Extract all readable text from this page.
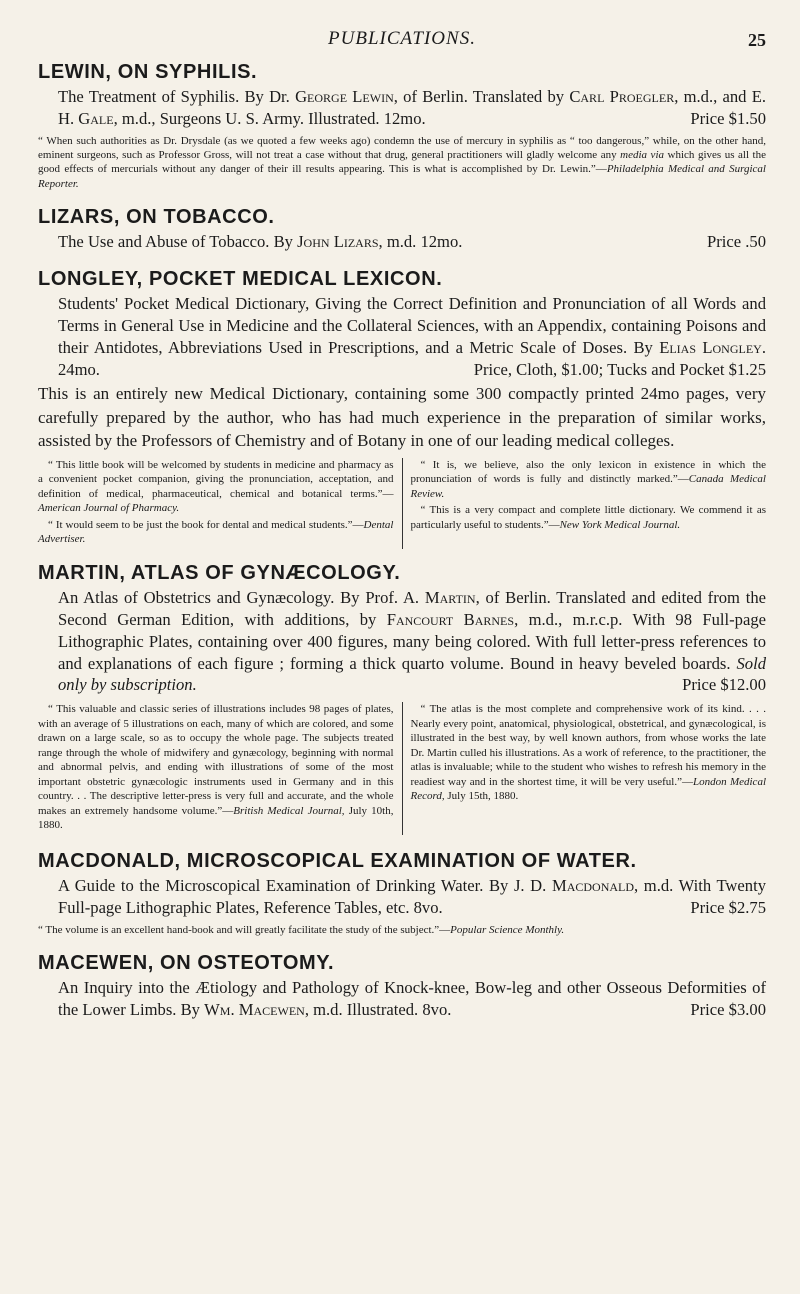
PUBLICATIONS.	25
LEWIN, ON SYPHILIS.

The Treatment of Syphilis. By Dr. George Lewin, of Berlin. Translated by Carl Proegler, m.d., and E. H. Gale, m.d., Surgeons U. S. Army. Illustrated. 12mo.	Price $1.50

“ When such authorities as Dr. Drysdale (as we quoted a few weeks ago) condemn the use of mercury in syphilis as “ too dangerous,” while, on the other hand, eminent surgeons, such as Professor Gross, will not treat a case without that drug, general practitioners will gladly welcome any media via which gives us all the good effects of mercurials without any danger of their ill results appearing. This is what is accomplished by Dr. Lewin.”—Philadelphia Medical and Surgical Reporter.

LIZARS, ON TOBACCO.

The Use and Abuse of Tobacco. By John Lizars, m.d. 12mo.	Price .50

LONGLEY, POCKET MEDICAL LEXICON.

Students' Pocket Medical Dictionary, Giving the Correct Definition and Pronunciation of all Words and Terms in General Use in Medicine and the Collateral Sciences, with an Appendix, containing Poisons and their Antidotes, Abbreviations Used in Prescriptions, and a Metric Scale of Doses. By Elias Longley. 24mo.	Price, Cloth, $1.00; Tucks and Pocket $1.25

This is an entirely new Medical Dictionary, containing some 300 compactly printed 24mo pages, very carefully prepared by the author, who has had much experience in the preparation of similar works, assisted by the Professors of Chemistry and of Botany in one of our leading medical colleges.

“ This little book will be welcomed by students in medicine and pharmacy as a convenient pocket companion, giving the pronunciation, acceptation, and definition of medical, pharmaceutical, chemical and botanical terms.”—American Journal of Pharmacy.

“ It would seem to be just the book for dental and medical students.”—Dental Advertiser.

“ It is, we believe, also the only lexicon in existence in which the pronunciation of words is fully and distinctly marked.”—Canada Medical Review.

“ This is a very compact and complete little dictionary. We commend it as particularly useful to students.”—New York Medical Journal.

MARTIN, ATLAS OF GYNÆCOLOGY.

An Atlas of Obstetrics and Gynæcology. By Prof. A. Martin, of Berlin. Translated and edited from the Second German Edition, with additions, by Fancourt Barnes, m.d., m.r.c.p. With 98 Full-page Lithographic Plates, containing over 400 figures, many being colored. With full letter-press references to and explanations of each figure ; forming a thick quarto volume. Bound in heavy beveled boards. Sold only by subscription.	Price $12.00

“ This valuable and classic series of illustrations includes 98 pages of plates, with an average of 5 illustrations on each, many of which are colored, and some drawn on a large scale, so as to occupy the whole page. The subjects treated range through the whole of midwifery and gynæcology, beginning with normal and abnormal pelvis, and ending with illustrations of some of the most important obstetric gynæcologic instruments used in Germany and in this country. . . The descriptive letter-press is very full and accurate, and the whole makes an extremely handsome volume.”—British Medical Journal, July 10th, 1880.

“ The atlas is the most complete and comprehensive work of its kind. . . . Nearly every point, anatomical, physiological, obstetrical, and gynæcological, is illustrated in the best way, by well known authors, from whose works the late Dr. Martin culled his illustrations. As a work of reference, to the practitioner, the atlas is invaluable; while to the student who wishes to refresh his memory in the readiest way and in the shortest time, it will be very useful.”—London Medical Record, July 15th, 1880.

MACDONALD, MICROSCOPICAL EXAMINATION OF WATER.

A Guide to the Microscopical Examination of Drinking Water. By J. D. Macdonald, m.d. With Twenty Full-page Lithographic Plates, Reference Tables, etc. 8vo.	Price $2.75

“ The volume is an excellent hand-book and will greatly facilitate the study of the subject.”—Popular Science Monthly.

MACEWEN, ON OSTEOTOMY.

An Inquiry into the Ætiology and Pathology of Knock-knee, Bow-leg and other Osseous Deformities of the Lower Limbs. By Wm. Macewen, m.d. Illustrated. 8vo.	Price $3.00
